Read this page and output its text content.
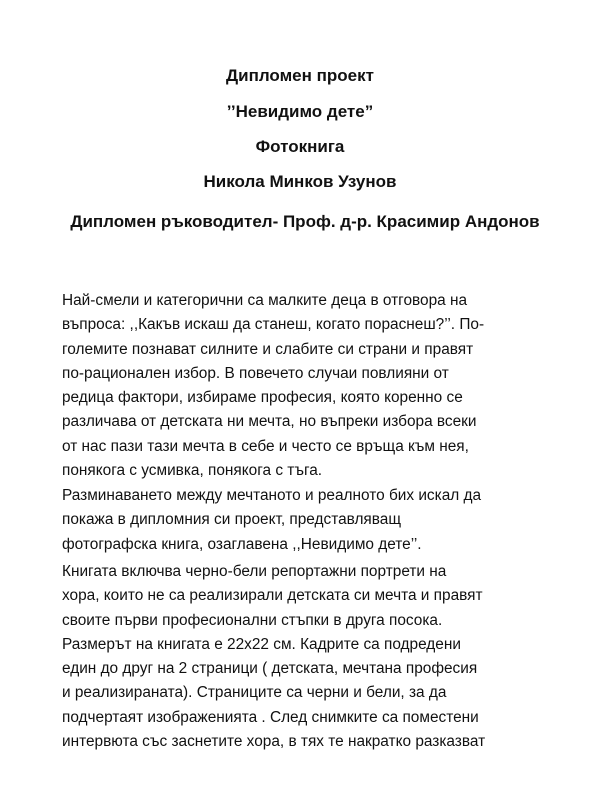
Дипломен проект
’’Невидимо дете”
Фотокнига
Никола Минков Узунов
Дипломен ръководител- Проф. д-р. Красимир Андонов
Най-смели и категорични са малките деца в отговора на
въпроса: ,,Какъв искаш да станеш, когато пораснеш?’’. По-
големите познават силните и слабите си страни и правят
по-рационален избор. В повечето случаи повлияни от
редица фактори, избираме професия, която коренно се
различава от детската ни мечта, но въпреки избора всеки
от нас пази тази мечта в себе и често се връща към нея,
понякога с усмивка, понякога с тъга.
Разминаването между мечтаното и реалното бих искал да
покажа в дипломния си проект, представляващ
фотографска книга, озаглавена ,,Невидимо дете’’.
Книгата включва черно-бели репортажни портрети на
хора, които не са реализирали детската си мечта и правят
своите първи професионални стъпки в друга посока.
Размерът на книгата е 22х22 см. Кадрите са подредени
един до друг на 2 страници ( детската, мечтана професия
и реализираната). Страниците са черни и бели, за да
подчертаят изображенията . След снимките са поместени
интервюта със заснетите хора, в тях те накратко разказват
